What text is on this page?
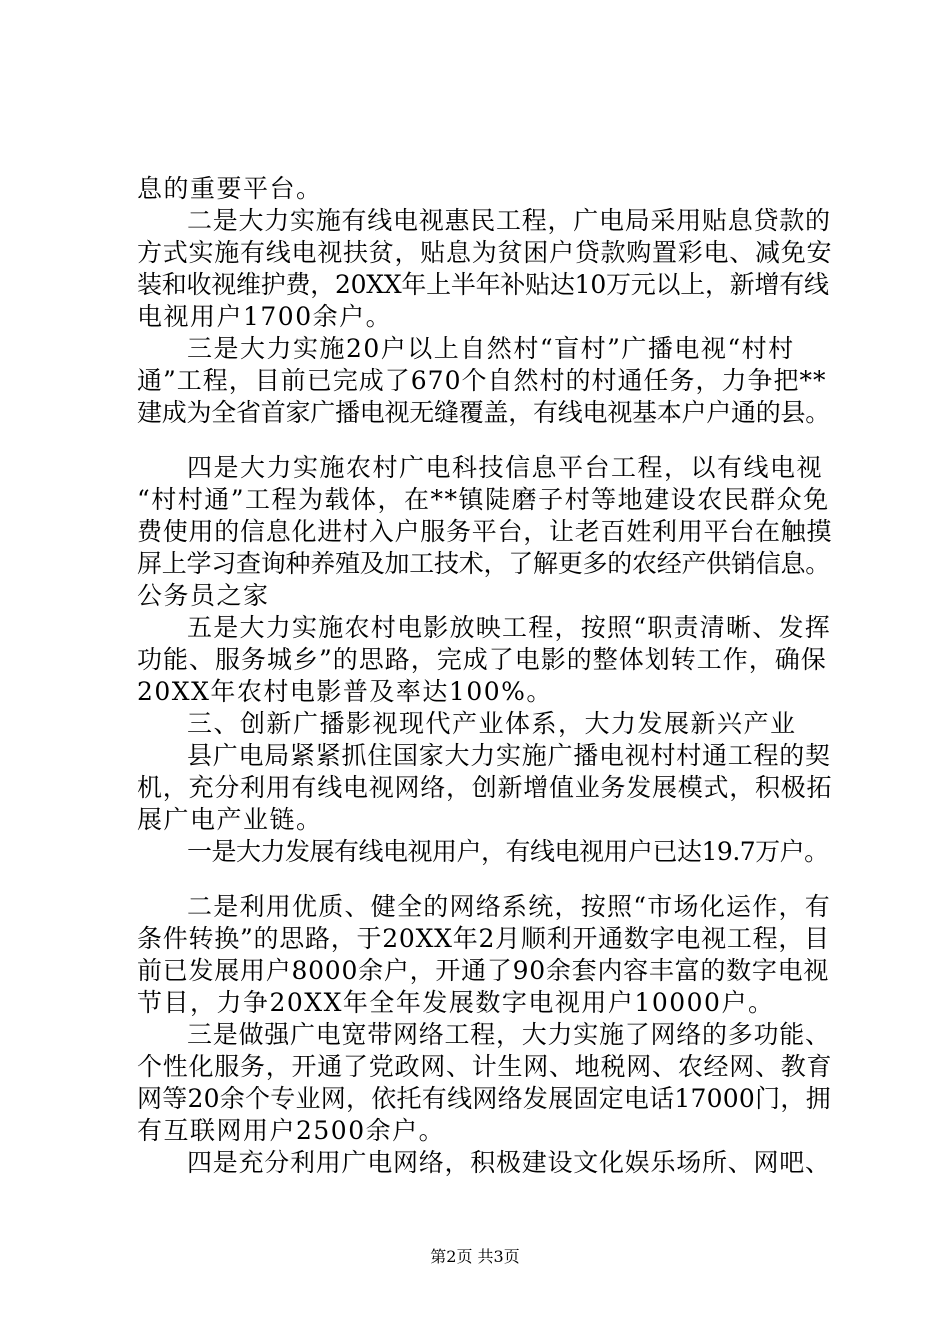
息的重要平台。
二是大力实施有线电视惠民工程，广电局采用贴息贷款的
方式实施有线电视扶贫，贴息为贫困户贷款购置彩电、减免安
装和收视维护费，20XX年上半年补贴达10万元以上，新增有线
电视用户1700余户。
三是大力实施20户以上自然村“盲村”广播电视“村村
通”工程，目前已完成了670个自然村的村通任务，力争把**
建成为全省首家广播电视无缝覆盖，有线电视基本户户通的县。
四是大力实施农村广电科技信息平台工程，以有线电视
“村村通”工程为载体，在**镇陡磨子村等地建设农民群众免
费使用的信息化进村入户服务平台，让老百姓利用平台在触摸
屏上学习查询种养殖及加工技术，了解更多的农经产供销信息。
公务员之家
五是大力实施农村电影放映工程，按照“职责清晰、发挥
功能、服务城乡”的思路，完成了电影的整体划转工作，确保
20XX年农村电影普及率达100%。
三、创新广播影视现代产业体系，大力发展新兴产业
县广电局紧紧抓住国家大力实施广播电视村村通工程的契
机，充分利用有线电视网络，创新增值业务发展模式，积极拓
展广电产业链。
一是大力发展有线电视用户，有线电视用户已达19.7万户。
二是利用优质、健全的网络系统，按照“市场化运作，有
条件转换”的思路，于20XX年2月顺利开通数字电视工程，目
前已发展用户8000余户，开通了90余套内容丰富的数字电视
节目，力争20XX年全年发展数字电视用户10000户。
三是做强广电宽带网络工程，大力实施了网络的多功能、
个性化服务，开通了党政网、计生网、地税网、农经网、教育
网等20余个专业网，依托有线网络发展固定电话17000门，拥
有互联网用户2500余户。
四是充分利用广电网络，积极建设文化娱乐场所、网吧、
第2页 共3页
